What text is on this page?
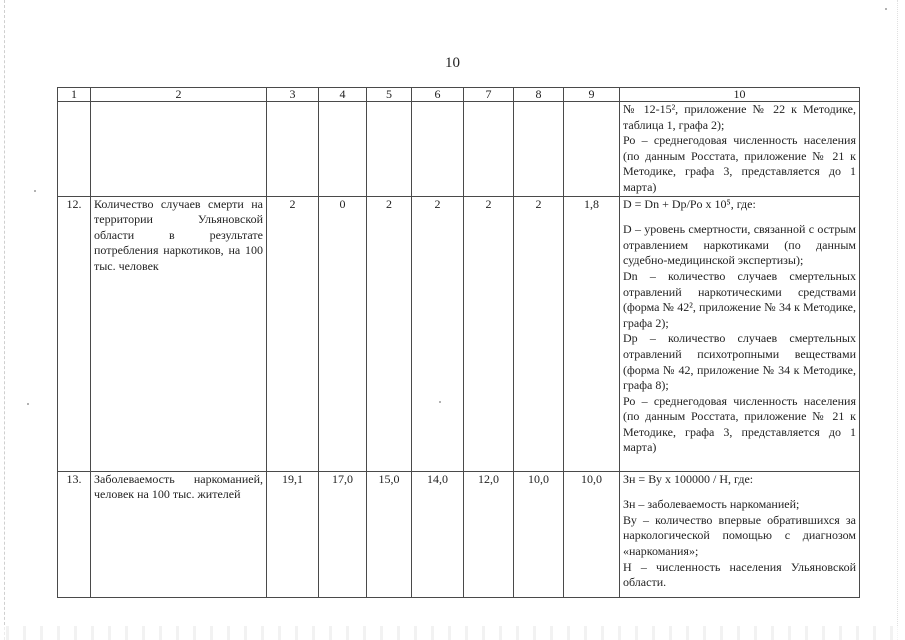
10
1	2	3	4	5	6	7	8	9	10

									№ 12-15², приложение № 22 к Методике, таблица 1, графа 2);

Ро – среднегодовая численность населения (по данным Росстата, приложение № 21 к Методике, графа 3, представляется до 1 марта)

12.	Количество случаев смерти на территории Ульяновской области в результате потребления наркотиков, на 100 тыс. человек	2	0	2	2	2	2	1,8	D = Dn + Dp/Po x 10⁵, где:

D – уровень смертности, связанной с острым отравлением наркотиками (по данным судебно-медицинской экспертизы);

Dn – количество случаев смертельных отравлений наркотическими средствами (форма № 42², приложение № 34 к Методике, графа 2);

Dp – количество случаев смертельных отравлений психотропными веществами (форма № 42, приложение № 34 к Методике, графа 8);

Ро – среднегодовая численность населения (по данным Росстата, приложение № 21 к Методике, графа 3, представляется до 1 марта)

13.	Заболеваемость наркоманией, человек на 100 тыс. жителей	19,1	17,0	15,0	14,0	12,0	10,0	10,0	Зн = Ву х 100000 / Н, где:

Зн – заболеваемость наркоманией;

Ву – количество впервые обратившихся за наркологической помощью с диагнозом «наркомания»;

Н – численность населения Ульяновской области.
